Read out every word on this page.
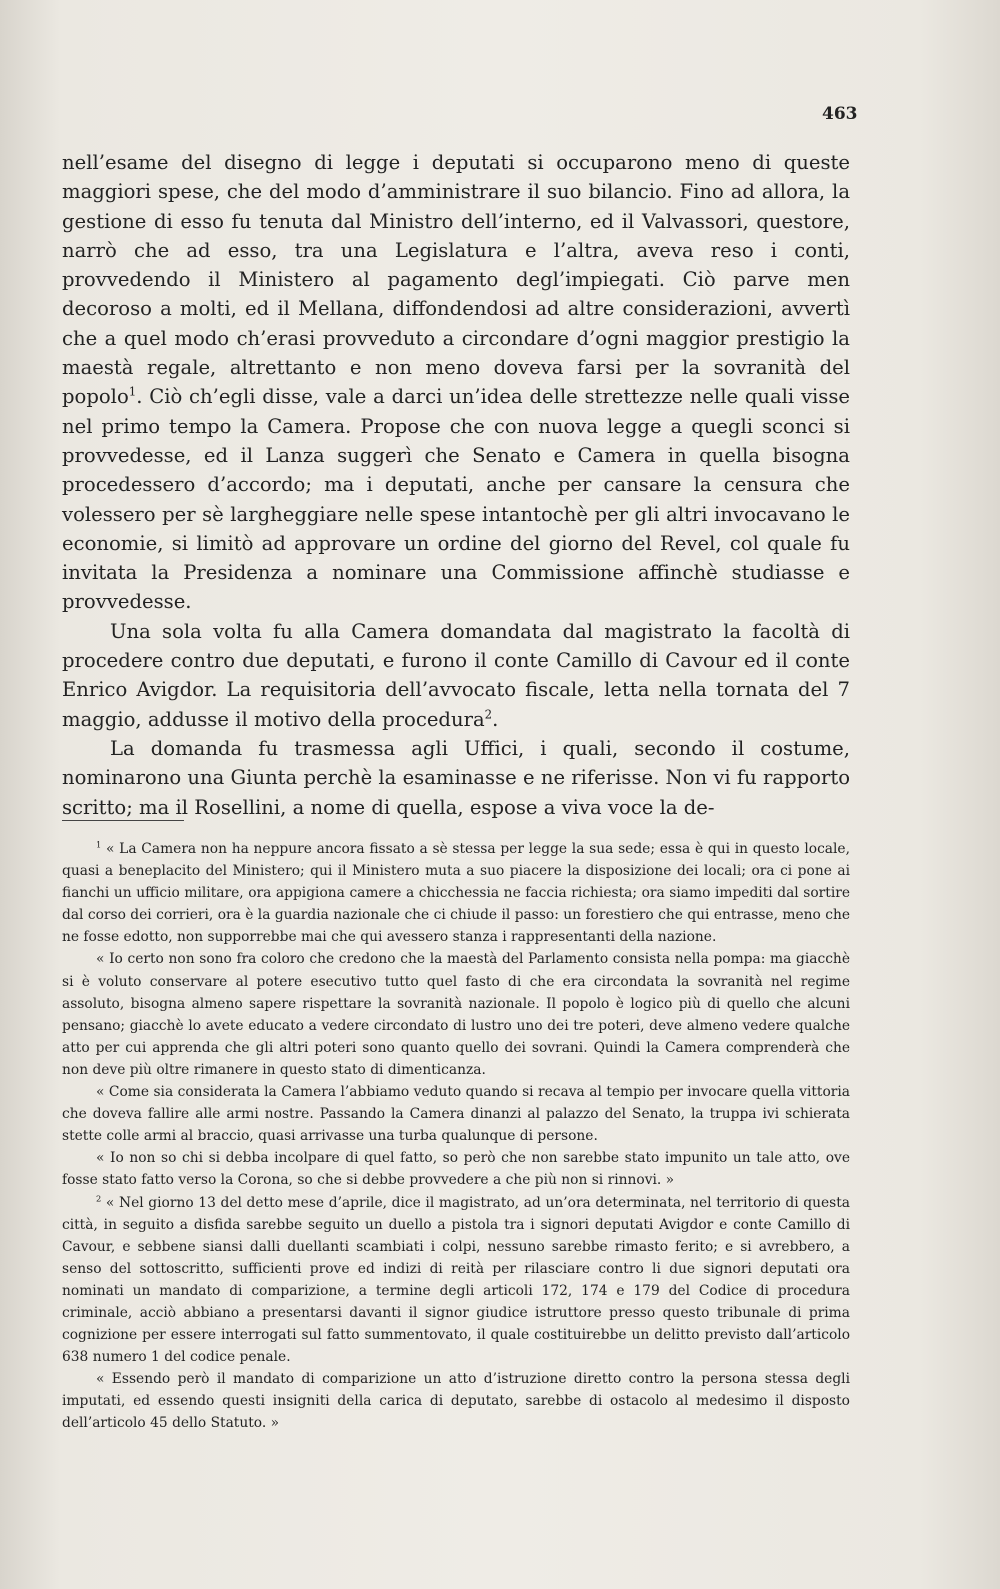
463

nell’esame del disegno di legge i deputati si occuparono meno di queste maggiori spese, che del modo d’amministrare il suo bilancio. Fino ad allora, la gestione di esso fu tenuta dal Ministro dell’interno, ed il Valvassori, questore, narrò che ad esso, tra una Legislatura e l’altra, aveva reso i conti, provvedendo il Ministero al pagamento degl’impiegati. Ciò parve men decoroso a molti, ed il Mellana, diffondendosi ad altre considerazioni, avvertì che a quel modo ch’erasi provveduto a circondare d’ogni maggior prestigio la maestà regale, altrettanto e non meno doveva farsi per la sovranità del popolo$^1$. Ciò ch’egli disse, vale a darci un’idea delle strettezze nelle quali visse nel primo tempo la Camera. Propose che con nuova legge a quegli sconci si provvedesse, ed il Lanza suggerì che Senato e Camera in quella bisogna procedessero d’accordo; ma i deputati, anche per cansare la censura che volessero per sè largheggiare nelle spese intantochè per gli altri invocavano le economie, si limitò ad approvare un ordine del giorno del Revel, col quale fu invitata la Presidenza a nominare una Commissione affinchè studiasse e provvedesse.

Una sola volta fu alla Camera domandata dal magistrato la facoltà di procedere contro due deputati, e furono il conte Camillo di Cavour ed il conte Enrico Avigdor. La requisitoria dell’avvocato fiscale, letta nella tornata del 7 maggio, addusse il motivo della procedura$^2$.

La domanda fu trasmessa agli Uffici, i quali, secondo il costume, nominarono una Giunta perchè la esaminasse e ne riferisse. Non vi fu rapporto scritto; ma il Rosellini, a nome di quella, espose a viva voce la de-

$^1$ « La Camera non ha neppure ancora fissato a sè stessa per legge la sua sede; essa è qui in questo locale, quasi a beneplacito del Ministero; qui il Ministero muta a suo piacere la disposizione dei locali; ora ci pone ai fianchi un ufficio militare, ora appigiona camere a chicchessia ne faccia richiesta; ora siamo impediti dal sortire dal corso dei corrieri, ora è la guardia nazionale che ci chiude il passo: un forestiero che qui entrasse, meno che ne fosse edotto, non supporrebbe mai che qui avessero stanza i rappresentanti della nazione.

« Io certo non sono fra coloro che credono che la maestà del Parlamento consista nella pompa: ma giacchè si è voluto conservare al potere esecutivo tutto quel fasto di che era circondata la sovranità nel regime assoluto, bisogna almeno sapere rispettare la sovranità nazionale. Il popolo è logico più di quello che alcuni pensano; giacchè lo avete educato a vedere circondato di lustro uno dei tre poteri, deve almeno vedere qualche atto per cui apprenda che gli altri poteri sono quanto quello dei sovrani. Quindi la Camera comprenderà che non deve più oltre rimanere in questo stato di dimenticanza.

« Come sia considerata la Camera l’abbiamo veduto quando si recava al tempio per invocare quella vittoria che doveva fallire alle armi nostre. Passando la Camera dinanzi al palazzo del Senato, la truppa ivi schierata stette colle armi al braccio, quasi arrivasse una turba qualunque di persone.

« Io non so chi si debba incolpare di quel fatto, so però che non sarebbe stato impunito un tale atto, ove fosse stato fatto verso la Corona, so che si debbe provvedere a che più non si rinnovi. »

$^2$ « Nel giorno 13 del detto mese d’aprile, dice il magistrato, ad un’ora determinata, nel territorio di questa città, in seguito a disfida sarebbe seguito un duello a pistola tra i signori deputati Avigdor e conte Camillo di Cavour, e sebbene siansi dalli duellanti scambiati i colpi, nessuno sarebbe rimasto ferito; e si avrebbero, a senso del sottoscritto, sufficienti prove ed indizi di reità per rilasciare contro li due signori deputati ora nominati un mandato di comparizione, a termine degli articoli 172, 174 e 179 del Codice di procedura criminale, acciò abbiano a presentarsi davanti il signor giudice istruttore presso questo tribunale di prima cognizione per essere interrogati sul fatto summentovato, il quale costituirebbe un delitto previsto dall’articolo 638 numero 1 del codice penale.

« Essendo però il mandato di comparizione un atto d’istruzione diretto contro la persona stessa degli imputati, ed essendo questi insigniti della carica di deputato, sarebbe di ostacolo al medesimo il disposto dell’articolo 45 dello Statuto. »
